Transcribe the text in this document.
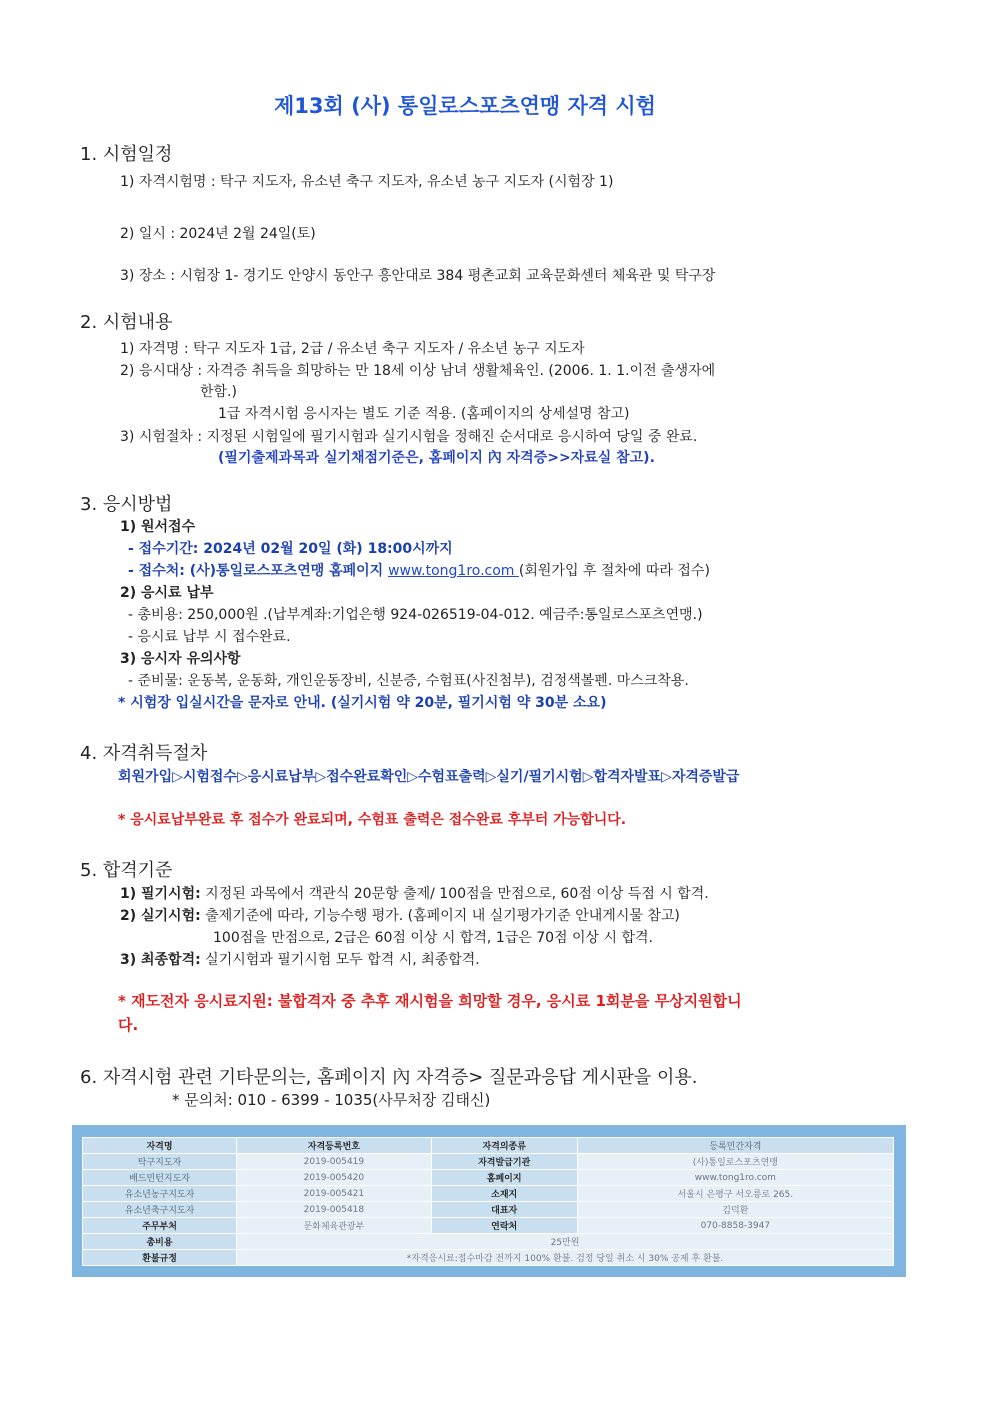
제13회 (사) 통일로스포츠연맹 자격 시험
1. 시험일정
1) 자격시험명 : 탁구 지도자, 유소년 축구 지도자, 유소년 농구 지도자 (시험장 1)
2) 일시 : 2024년 2월 24일(토)
3) 장소 : 시험장 1- 경기도 안양시 동안구 흥안대로 384 평촌교회 교육문화센터 체육관 및 탁구장
2. 시험내용
1) 자격명 : 탁구 지도자 1급, 2급 / 유소년 축구 지도자 / 유소년 농구 지도자
2) 응시대상 : 자격증 취득을 희망하는 만 18세 이상 남녀 생활체육인. (2006. 1. 1.이전 출생자에
한함.)
1급 자격시험 응시자는 별도 기준 적용. (홈페이지의 상세설명 참고)
3) 시험절차 : 지정된 시험일에 필기시험과 실기시험을 정해진 순서대로 응시하여 당일 중 완료.
(필기출제과목과 실기채점기준은, 홈페이지 內 자격증>>자료실 참고).
3. 응시방법
1) 원서접수
- 접수기간: 2024년 02월 20일 (화) 18:00시까지
- 접수처: (사)통일로스포츠연맹 홈페이지 www.tong1ro.com (회원가입 후 절차에 따라 접수)
2) 응시료 납부
- 총비용: 250,000원 .(납부계좌:기업은행 924-026519-04-012. 예금주:통일로스포츠연맹.)
- 응시료 납부 시 접수완료.
3) 응시자 유의사항
- 준비물: 운동복, 운동화, 개인운동장비, 신분증, 수험표(사진첨부), 검정색볼펜. 마스크착용.
* 시험장 입실시간을 문자로 안내. (실기시험 약 20분, 필기시험 약 30분 소요)
4. 자격취득절차
회원가입▷시험접수▷응시료납부▷접수완료확인▷수험표출력▷실기/필기시험▷합격자발표▷자격증발급
* 응시료납부완료 후 접수가 완료되며, 수험표 출력은 접수완료 후부터 가능합니다.
5. 합격기준
1) 필기시험: 지정된 과목에서 객관식 20문항 출제/ 100점을 만점으로, 60점 이상 득점 시 합격.
2) 실기시험: 출제기준에 따라, 기능수행 평가. (홈페이지 내 실기평가기준 안내게시물 참고)
100점을 만점으로, 2급은 60점 이상 시 합격, 1급은 70점 이상 시 합격.
3) 최종합격: 실기시험과 필기시험 모두 합격 시, 최종합격.
* 재도전자 응시료지원: 불합격자 중 추후 재시험을 희망할 경우, 응시료 1회분을 무상지원합니
다.
6. 자격시험 관련 기타문의는, 홈페이지 內 자격증> 질문과응답 게시판을 이용.
* 문의처: 010 - 6399 - 1035(사무처장 김태신)
자격명	자격등록번호	자격의종류	등록민간자격
탁구지도자	2019-005419	자격발급기관	(사)통일로스포츠연맹
배드민턴지도자	2019-005420	홈페이지	www.tong1ro.com
유소년농구지도자	2019-005421	소재지	서울시 은평구 서오릉로 265.
유소년축구지도자	2019-005418	대표자	김덕환
주무부처	문화체육관광부	연락처	070-8858-3947
총비용	25만원		
환불규정	*자격응시료:접수마감 전까지 100% 환불. 검정 당일 취소 시 30% 공제 후 환불.		
